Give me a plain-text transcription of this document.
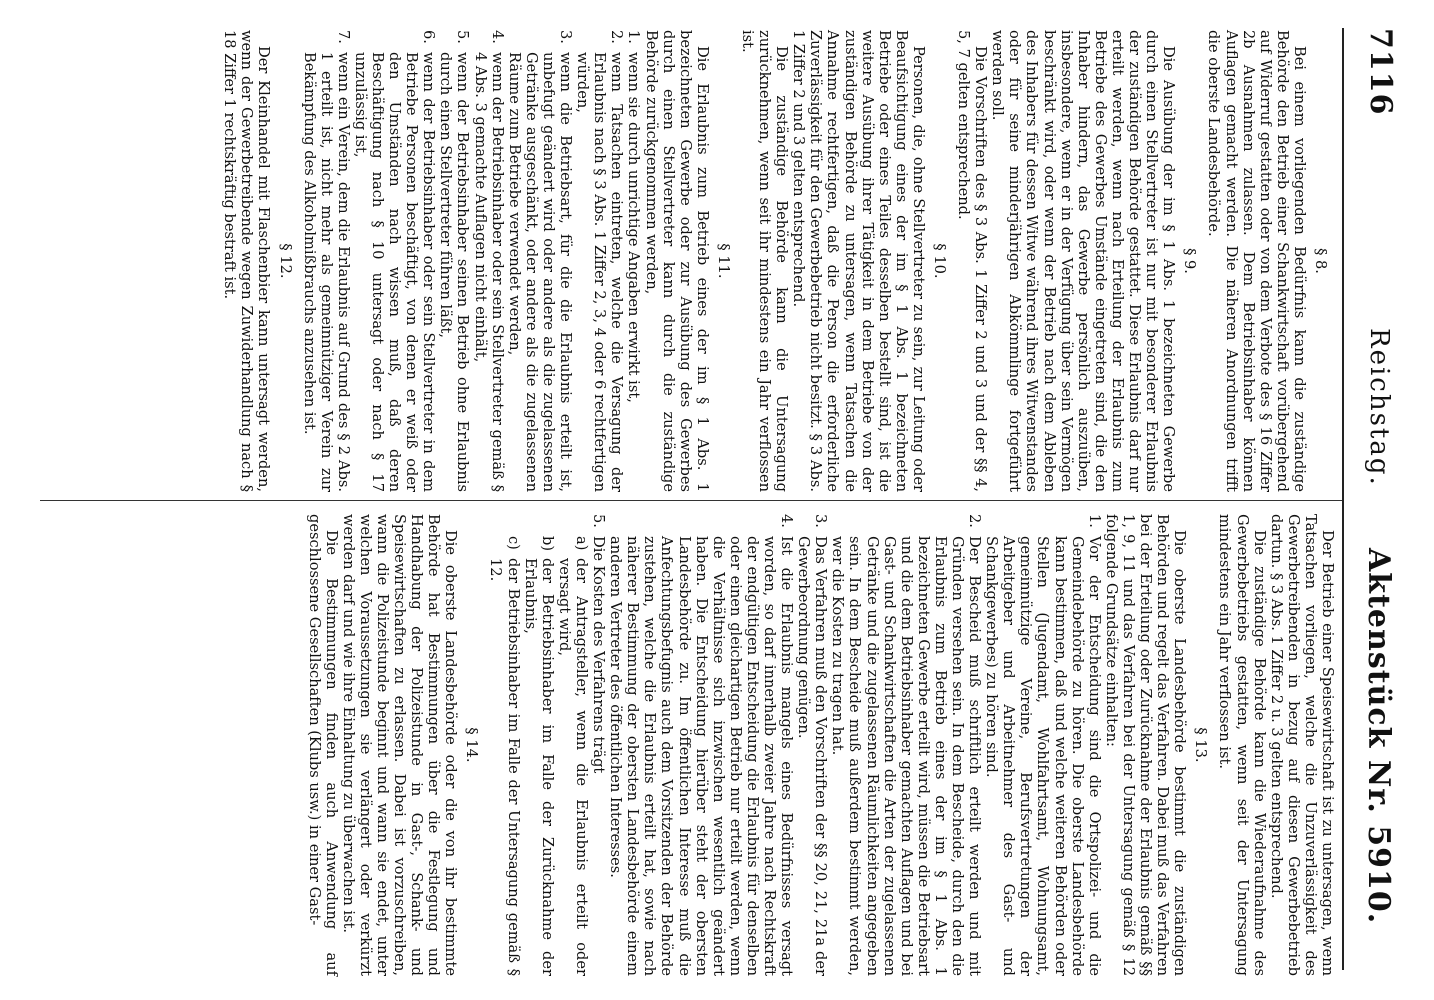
7116
Reichstag.
Aktenstück Nr. 5910.

§ 8.

Bei einem vorliegenden Bedürfnis kann die zuständige Behörde den Betrieb einer Schankwirtschaft vorübergehend auf Widerruf gestatten oder von dem Verbote des § 16 Ziffer 2b Ausnahmen zulassen. Dem Betriebsinhaber können Auflagen gemacht werden. Die näheren Anordnungen trifft die oberste Landesbehörde.

§ 9.

Die Ausübung der im § 1 Abs. 1 bezeichneten Gewerbe durch einen Stellvertreter ist nur mit besonderer Erlaubnis der zuständigen Behörde gestattet. Diese Erlaubnis darf nur erteilt werden, wenn nach Erteilung der Erlaubnis zum Betriebe des Gewerbes Umstände eingetreten sind, die den Inhaber hindern, das Gewerbe persönlich auszuüben, insbesondere, wenn er in der Verfügung über sein Vermögen beschränkt wird, oder wenn der Betrieb nach dem Ableben des Inhabers für dessen Witwe während ihres Witwenstandes oder für seine minderjährigen Abkömmlinge fortgeführt werden soll.

Die Vorschriften des § 3 Abs. 1 Ziffer 2 und 3 und der §§ 4, 5, 7 gelten entsprechend.

§ 10.

Personen, die, ohne Stellvertreter zu sein, zur Leitung oder Beaufsichtigung eines der im § 1 Abs. 1 bezeichneten Betriebe oder eines Teiles desselben bestellt sind, ist die weitere Ausübung ihrer Tätigkeit in dem Betriebe von der zuständigen Behörde zu untersagen, wenn Tatsachen die Annahme rechtfertigen, daß die Person die erforderliche Zuverlässigkeit für den Gewerbebetrieb nicht besitzt. § 3 Abs. 1 Ziffer 2 und 3 gelten entsprechend.

Die zuständige Behörde kann die Untersagung zurücknehmen, wenn seit ihr mindestens ein Jahr verflossen ist.

§ 11.

Die Erlaubnis zum Betrieb eines der im § 1 Abs. 1 bezeichneten Gewerbe oder zur Ausübung des Gewerbes durch einen Stellvertreter kann durch die zuständige Behörde zurückgenommen werden,

1.
wenn sie durch unrichtige Angaben erwirkt ist,
2.
wenn Tatsachen eintreten, welche die Versagung der Erlaubnis nach § 3 Abs. 1 Ziffer 2, 3, 4 oder 6 rechtfertigen würden,
3.
wenn die Betriebsart, für die die Erlaubnis erteilt ist, unbefugt geändert wird oder andere als die zugelassenen Getränke ausgeschänkt, oder andere als die zugelassenen Räume zum Betriebe verwendet werden,
4.
wenn der Betriebsinhaber oder sein Stellvertreter gemäß § 4 Abs. 3 gemachte Auflagen nicht einhält,
5.
wenn der Betriebsinhaber seinen Betrieb ohne Erlaubnis durch einen Stellvertreter führen läßt,
6.
wenn der Betriebsinhaber oder sein Stellvertreter in dem Betriebe Personen beschäftigt, von denen er weiß oder den Umständen nach wissen muß, daß deren Beschäftigung nach § 10 untersagt oder nach § 17 unzulässig ist,
7.
wenn ein Verein, dem die Erlaubnis auf Grund des § 2 Abs. 1 erteilt ist, nicht mehr als gemeinnütziger Verein zur Bekämpfung des Alkoholmißbrauchs anzusehen ist.

§ 12.

Der Kleinhandel mit Flaschenbier kann untersagt werden, wenn der Gewerbetreibende wegen Zuwiderhandlung nach § 18 Ziffer 1 rechtskräftig bestraft ist.

Der Betrieb einer Speisewirtschaft ist zu untersagen, wenn Tatsachen vorliegen, welche die Unzuverlässigkeit des Gewerbetreibenden in bezug auf diesen Gewerbebetrieb dartun. § 3 Abs. 1 Ziffer 2 u. 3 gelten entsprechend.

Die zuständige Behörde kann die Wiederaufnahme des Gewerbebetriebs gestatten, wenn seit der Untersagung mindestens ein Jahr verflossen ist.

§ 13.

Die oberste Landesbehörde bestimmt die zuständigen Behörden und regelt das Verfahren. Dabei muß das Verfahren bei der Erteilung oder Zurücknahme der Erlaubnis gemäß §§ 1, 9, 11 und das Verfahren bei der Untersagung gemäß § 12 folgende Grundsätze einhalten:

1.
Vor der Entscheidung sind die Ortspolizei- und die Gemeindebehörde zu hören. Die oberste Landesbehörde kann bestimmen, daß und welche weiteren Behörden oder Stellen (Jugendamt, Wohlfahrtsamt, Wohnungsamt, gemeinnützige Vereine, Berufsvertretungen der Arbeitgeber und Arbeitnehmer des Gast- und Schankgewerbes) zu hören sind.
2.
Der Bescheid muß schriftlich erteilt werden und mit Gründen versehen sein. In dem Bescheide, durch den die Erlaubnis zum Betrieb eines der im § 1 Abs. 1 bezeichneten Gewerbe erteilt wird, müssen die Betriebsart und die dem Betriebsinhaber gemachten Auflagen und bei Gast- und Schankwirtschaften die Arten der zugelassenen Getränke und die zugelassenen Räumlichkeiten angegeben sein. In dem Bescheide muß außerdem bestimmt werden, wer die Kosten zu tragen hat.
3.
Das Verfahren muß den Vorschriften der §§ 20, 21, 21a der Gewerbeordnung genügen.
4.
Ist die Erlaubnis mangels eines Bedürfnisses versagt worden, so darf innerhalb zweier Jahre nach Rechtskraft der endgültigen Entscheidung die Erlaubnis für denselben oder einen gleichartigen Betrieb nur erteilt werden, wenn die Verhältnisse sich inzwischen wesentlich geändert haben. Die Entscheidung hierüber steht der obersten Landesbehörde zu. Im öffentlichen Interesse muß die Anfechtungsbefugnis auch dem Vorsitzenden der Behörde zustehen, welche die Erlaubnis erteilt hat, sowie nach näherer Bestimmung der obersten Landesbehörde einem anderen Vertreter des öffentlichen Interesses.
5.
Die Kosten des Verfahrens trägt
a)
der Antragsteller, wenn die Erlaubnis erteilt oder versagt wird,
b)
der Betriebsinhaber im Falle der Zurücknahme der Erlaubnis,
c)
der Betriebsinhaber im Falle der Untersagung gemäß § 12.

§ 14.

Die oberste Landesbehörde oder die von ihr bestimmte Behörde hat Bestimmungen über die Festlegung und Handhabung der Polizeistunde in Gast-, Schank- und Speisewirtschaften zu erlassen. Dabei ist vorzuschreiben, wann die Polizeistunde beginnt und wann sie endet, unter welchen Voraussetzungen sie verlängert oder verkürzt werden darf und wie ihre Einhaltung zu überwachen ist.

Die Bestimmungen finden auch Anwendung auf geschlossene Gesellschaften (Klubs usw.) in einer Gast-
